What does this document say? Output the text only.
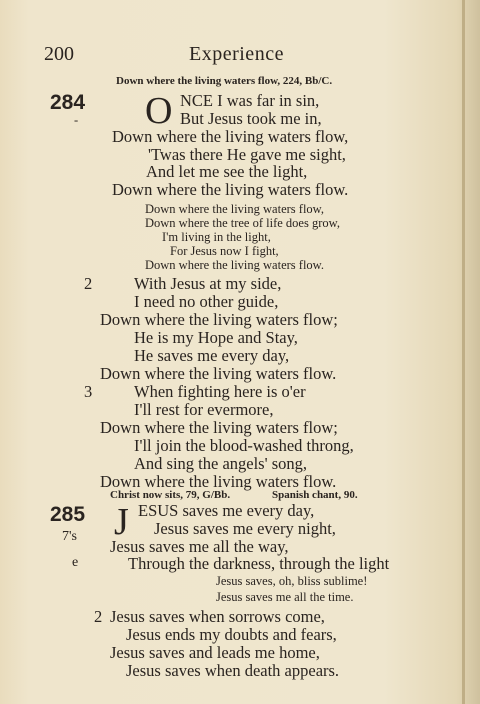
200	Experience
Down where the living waters flow, 224, Bb/C.
284
- O NCE I was far in sin,
But Jesus took me in,
Down where the living waters flow,
'Twas there He gave me sight,
And let me see the light,
Down where the living waters flow.
Down where the living waters flow,
Down where the tree of life does grow,
I'm living in the light,
For Jesus now I fight,
Down where the living waters flow.
2	With Jesus at my side,
I need no other guide,
Down where the living waters flow;
He is my Hope and Stay,
He saves me every day,
Down where the living waters flow.
3	When fighting here is o'er
I'll rest for evermore,
Down where the living waters flow;
I'll join the blood-washed throng,
And sing the angels' song,
Down where the living waters flow.
Christ now sits, 79, G/Bb.	Spanish chant, 90.
285
7's
e
J ESUS saves me every day,
Jesus saves me every night,
Jesus saves me all the way,
Through the darkness, through the light
Jesus saves, oh, bliss sublime!
Jesus saves me all the time.
2 Jesus saves when sorrows come,
Jesus ends my doubts and fears,
Jesus saves and leads me home,
Jesus saves when death appears.
